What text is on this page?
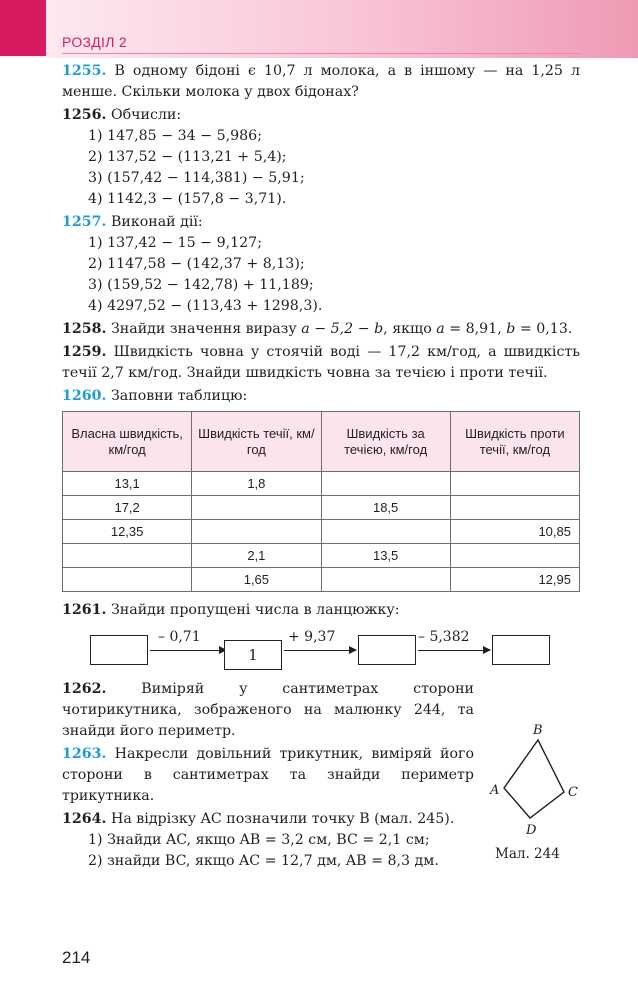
РОЗДІЛ 2
1255. В одному бідоні є 10,7 л молока, а в іншому — на 1,25 л менше. Скільки молока у двох бідонах?
1256. Обчисли:
1) 147,85 − 34 − 5,986;
2) 137,52 − (113,21 + 5,4);
3) (157,42 − 114,381) − 5,91;
4) 1142,3 − (157,8 − 3,71).
1257. Виконай дії:
1) 137,42 − 15 − 9,127;
2) 1147,58 − (142,37 + 8,13);
3) (159,52 − 142,78) + 11,189;
4) 4297,52 − (113,43 + 1298,3).
1258. Знайди значення виразу a − 5,2 − b, якщо a = 8,91, b = 0,13.
1259. Швидкість човна у стоячій воді — 17,2 км/год, а швидкість течії 2,7 км/год. Знайди швидкість човна за течією і проти течії.
1260. Заповни таблицю:
Власна швидкість, км/год	Швидкість течії, км/год	Швидкість за течією, км/год	Швидкість проти течії, км/год
13,1	1,8		
17,2		18,5	
12,35			10,85
	2,1	13,5	
	1,65		12,95
1261. Знайди пропущені числа в ланцюжку:
– 0,71
1
+ 9,37	– 5,382
1262. Виміряй у сантиметрах сторони чотирикутника, зображеного на малюнку 244, та знайди його периметр.
1263. Накресли довільний трикутник, виміряй його сторони в сантиметрах та знайди периметр трикутника.
1264. На відрізку AC позначили точку B (мал. 245).
1) Знайди AC, якщо AB = 3,2 см, BC = 2,1 см;
2) знайди BC, якщо AC = 12,7 дм, AB = 8,3 дм.
A
B
C
D
Мал. 244
214
